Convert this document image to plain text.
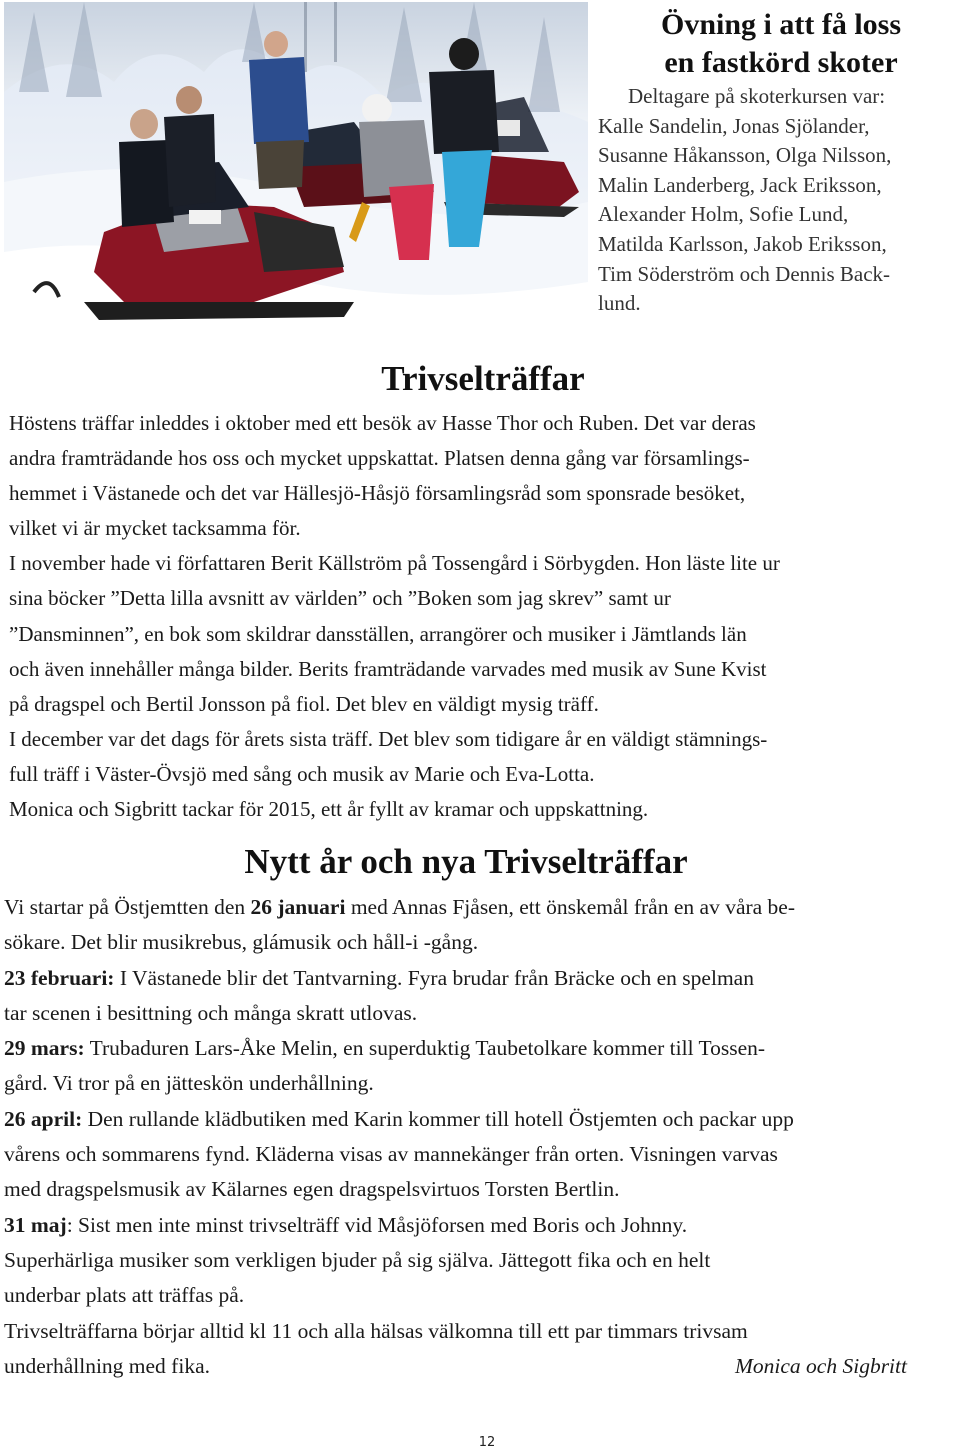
Övning i att få loss
en fastkörd skoter
Deltagare på skoterkursen var:
Kalle Sandelin, Jonas Sjölander,
Susanne Håkansson, Olga Nilsson,
Malin Landerberg, Jack Eriksson,
Alexander Holm, Sofie Lund,
Matilda Karlsson, Jakob Eriksson,
Tim Söderström och Dennis Back-
lund.
Trivselträffar
Höstens träffar inleddes i oktober med ett besök av Hasse Thor och Ruben. Det var deras
andra framträdande hos oss och mycket uppskattat. Platsen denna gång var församlings-
hemmet i Västanede och det var Hällesjö-Håsjö församlingsråd som sponsrade besöket,
vilket vi är mycket tacksamma för.
I november hade vi författaren Berit Källström på Tossengård i Sörbygden. Hon läste lite ur
sina böcker ”Detta lilla avsnitt av världen” och ”Boken som jag skrev” samt ur
”Dansminnen”, en bok som skildrar dansställen, arrangörer och musiker i Jämtlands län
och även innehåller många bilder. Berits framträdande varvades med musik av Sune Kvist
på dragspel och Bertil Jonsson på fiol. Det blev en väldigt mysig träff.
I december var det dags för årets sista träff. Det blev som tidigare år en väldigt stämnings-
full träff i Väster-Övsjö med sång och musik av Marie och Eva-Lotta.
Monica och Sigbritt tackar för 2015, ett år fyllt av kramar och uppskattning.
Nytt år och nya Trivselträffar
Vi startar på Östjemtten den 26 januari med Annas Fjåsen, ett önskemål från en av våra be-
sökare. Det blir musikrebus, glámusik och håll-i -gång.
23 februari: I Västanede blir det Tantvarning. Fyra brudar från Bräcke och en spelman
tar scenen i besittning och många skratt utlovas.
29 mars: Trubaduren Lars-Åke Melin, en superduktig Taubetolkare kommer till Tossen-
gård. Vi tror på en jätteskön underhållning.
26 april: Den rullande klädbutiken med Karin kommer till hotell Östjemten och packar upp
vårens och sommarens fynd. Kläderna visas av mannekänger från orten. Visningen varvas
med dragspelsmusik av Kälarnes egen dragspelsvirtuos Torsten Bertlin.
31 maj: Sist men inte minst trivselträff vid Måsjöforsen med Boris och Johnny.
Superhärliga musiker som verkligen bjuder på sig själva. Jättegott fika och en helt
underbar plats att träffas på.
Trivselträffarna börjar alltid kl 11 och alla hälsas välkomna till ett par timmars trivsam
underhållning med fika.	Monica och Sigbritt
12
